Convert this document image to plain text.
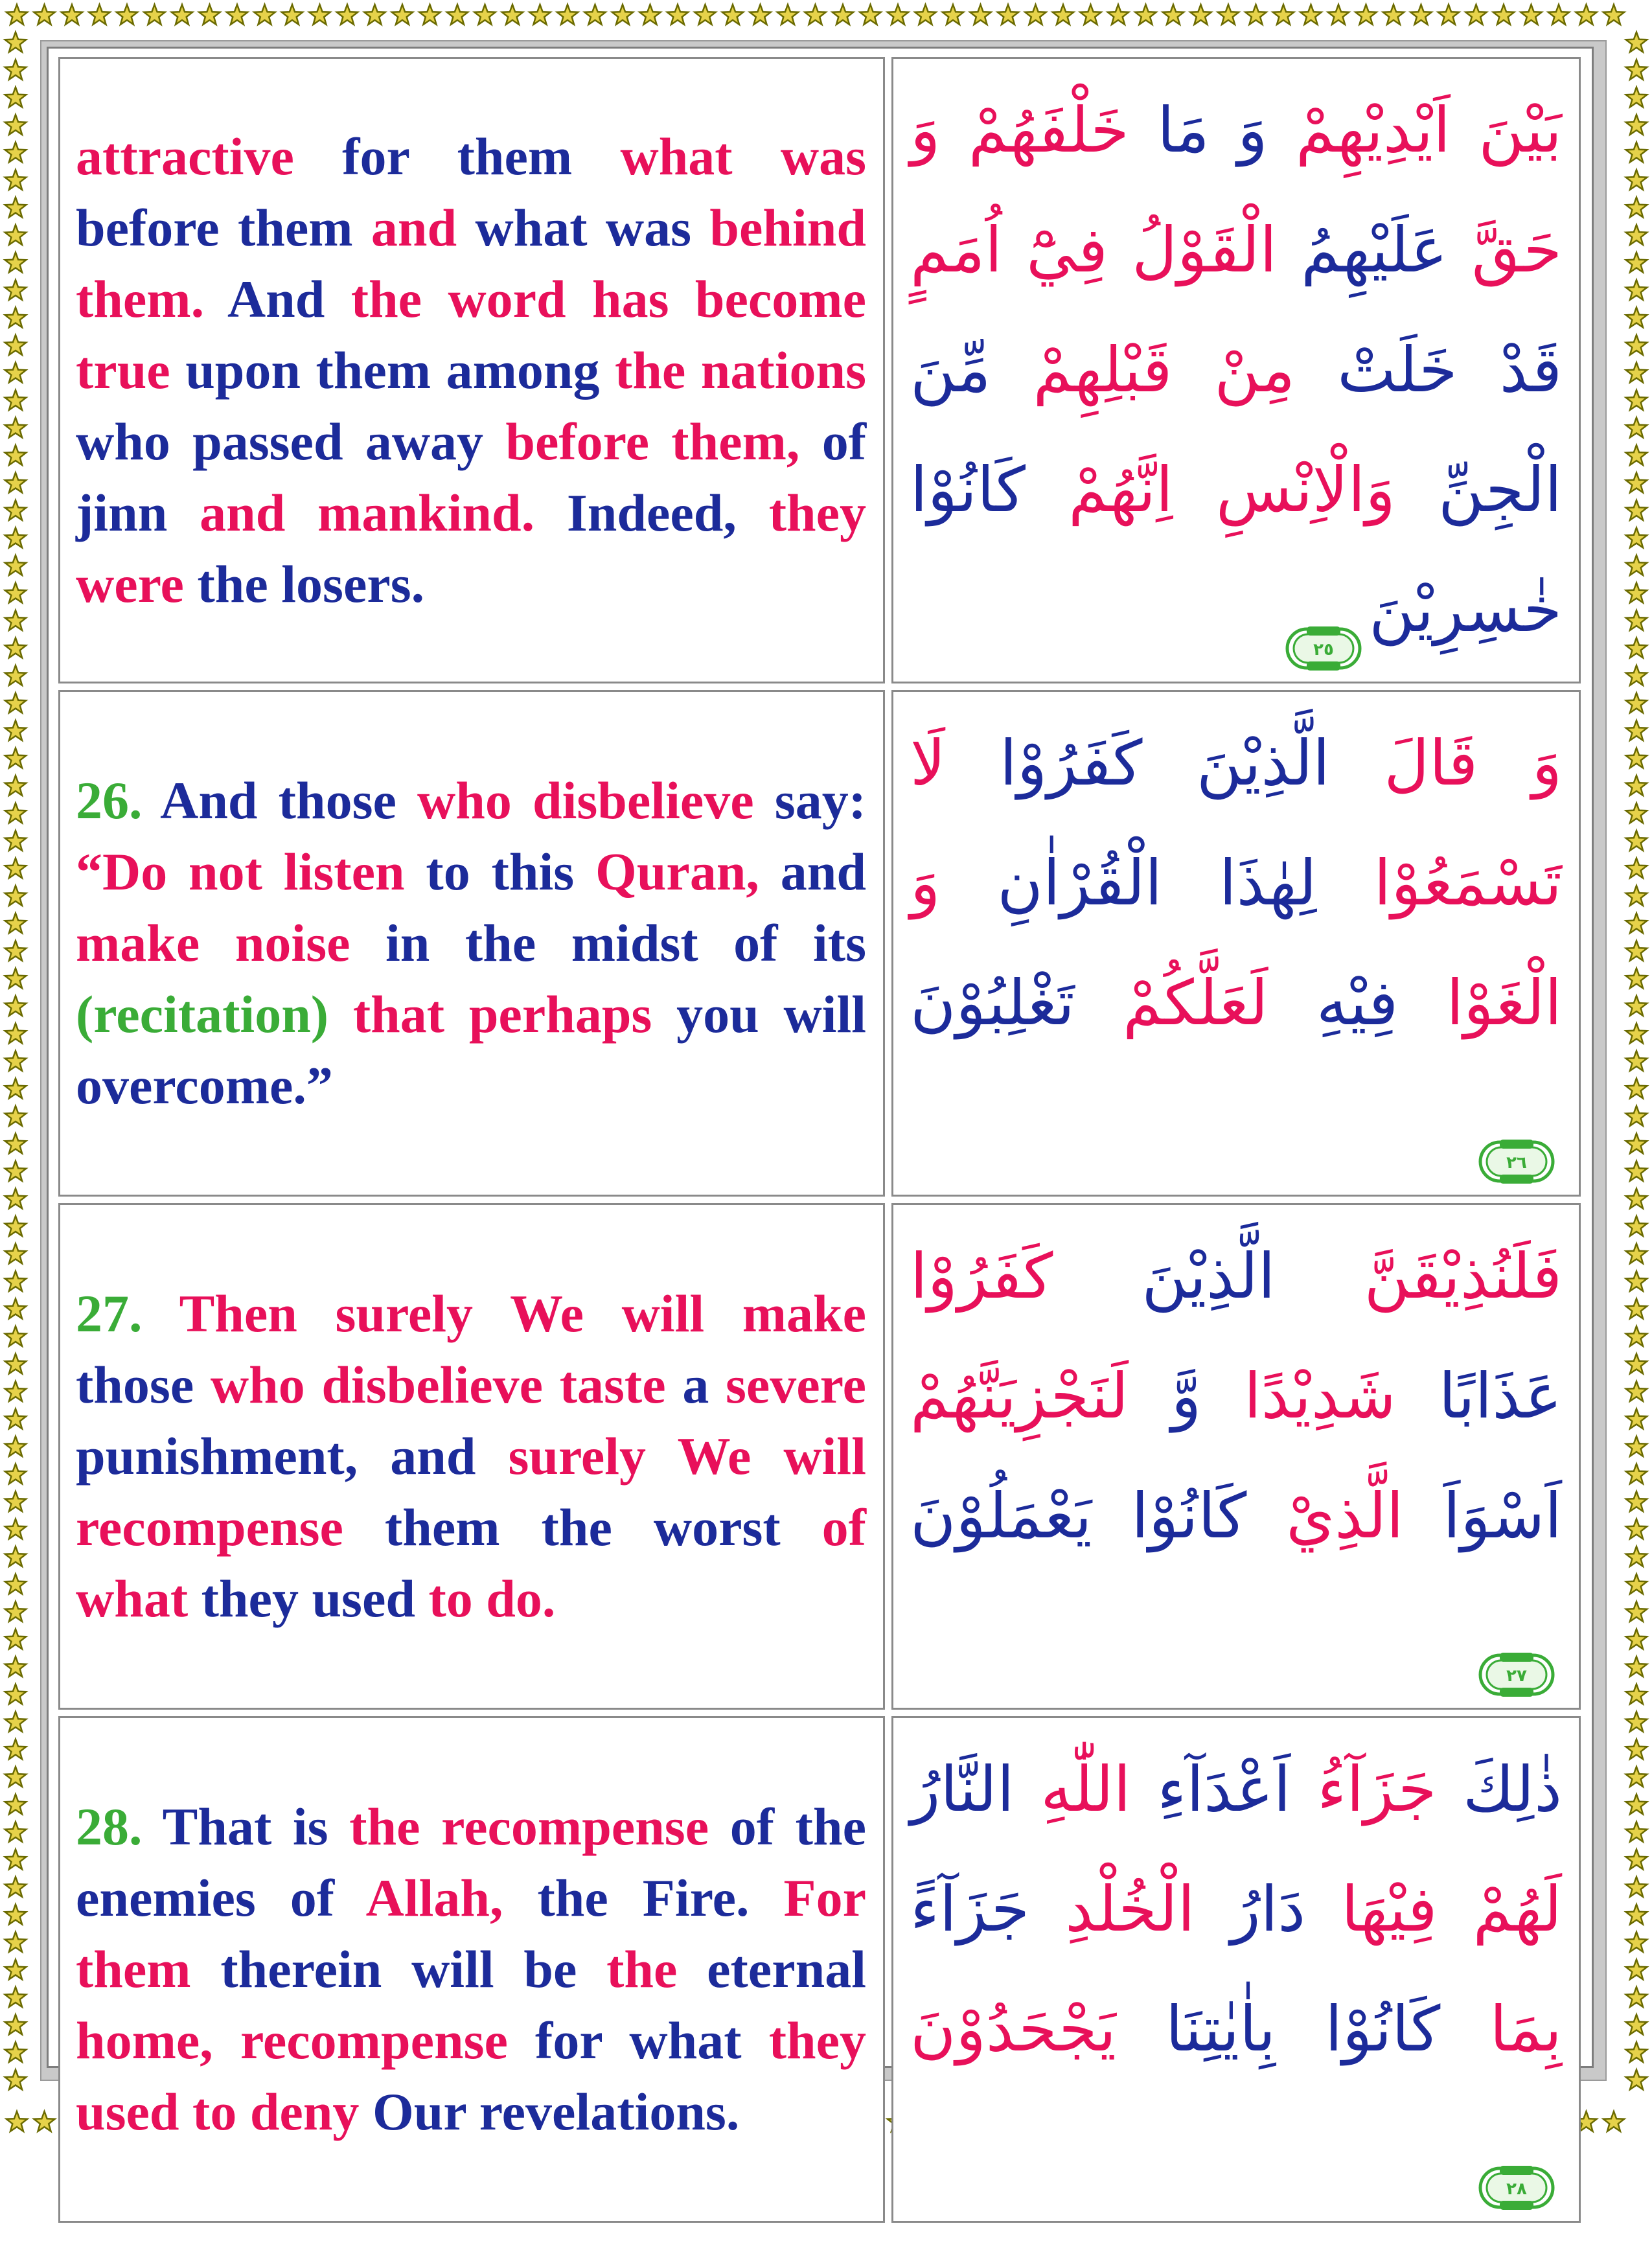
attractive for them what was before them and what was behind them. And the word has become true upon them among the nations who passed away before them, of jinn and mankind. Indeed, they were the losers.	بَيْنَ اَيْدِيْهِمْ وَ مَا خَلْفَهُمْ وَ حَقَّ عَلَيْهِمُ الْقَوْلُ فِيْٓ اُمَمٍ قَدْ خَلَتْ مِنْ قَبْلِهِمْ مِّنَ الْجِنِّ وَالْاِنْسِ اِنَّهُمْ كَانُوْا خٰسِرِيْنَ
٢٥

26. And those who disbelieve say: “Do not listen to this Quran, and make noise in the midst of its (recitation) that perhaps you will overcome.”	وَ قَالَ الَّذِيْنَ كَفَرُوْا لَا تَسْمَعُوْا لِهٰذَا الْقُرْاٰنِ وَ الْغَوْا فِيْهِ لَعَلَّكُمْ تَغْلِبُوْنَ
٢٦

27. Then surely We will make those who disbelieve taste a severe punishment, and surely We will recompense them the worst of what they used to do.	فَلَنُذِيْقَنَّ الَّذِيْنَ كَفَرُوْا عَذَابًا شَدِيْدًا وَّ لَنَجْزِيَنَّهُمْ اَسْوَاَ الَّذِيْ كَانُوْا يَعْمَلُوْنَ
٢٧

28. That is the recompense of the enemies of Allah, the Fire. For them therein will be the eternal home, recompense for what they used to deny Our revelations.	ذٰلِكَ جَزَآءُ اَعْدَآءِ اللّٰهِ النَّارُ لَهُمْ فِيْهَا دَارُ الْخُلْدِ جَزَآءً بِمَا كَانُوْا بِاٰيٰتِنَا يَجْحَدُوْنَ
٢٨
